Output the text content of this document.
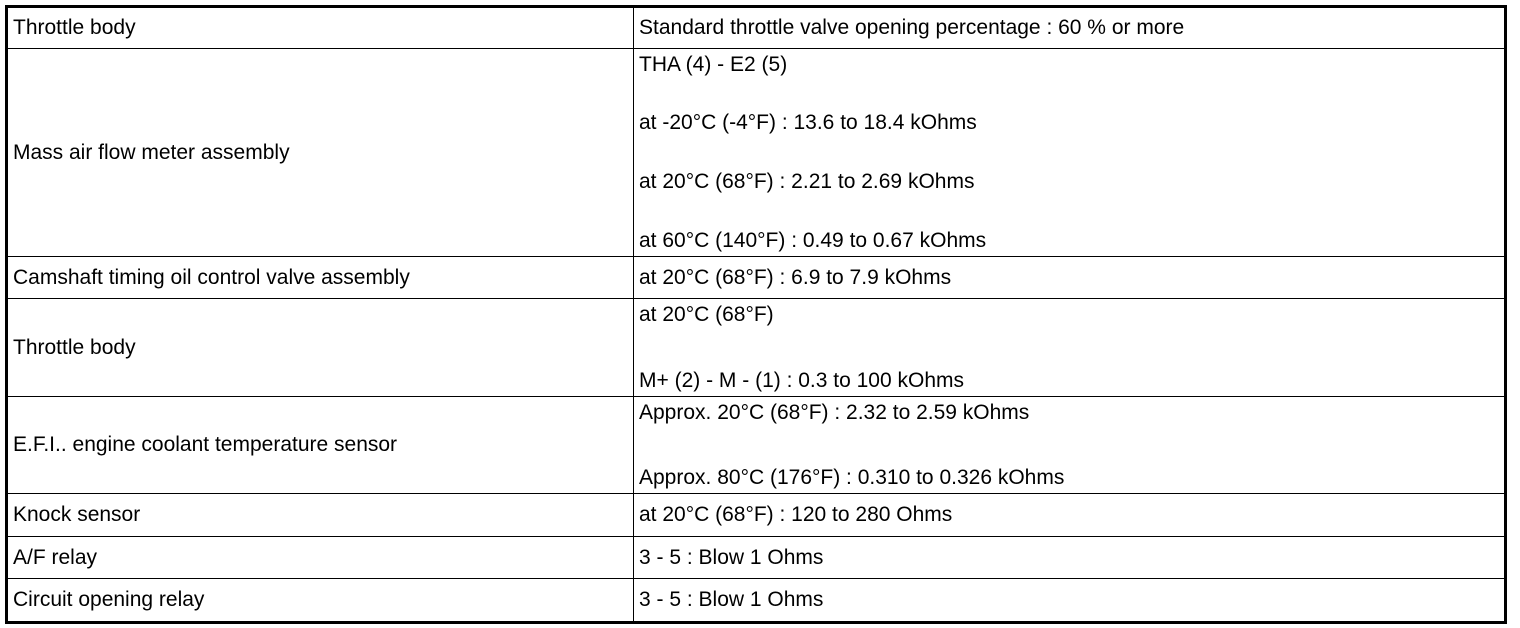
Throttle body	Standard throttle valve opening percentage : 60 % or more

Mass air flow meter assembly	THA (4) - E2 (5)
at -20°C (-4°F) : 13.6 to 18.4 kOhms
at 20°C (68°F) : 2.21 to 2.69 kOhms
at 60°C (140°F) : 0.49 to 0.67 kOhms

Camshaft timing oil control valve assembly	at 20°C (68°F) : 6.9 to 7.9 kOhms

Throttle body	at 20°C (68°F)
M+ (2) - M - (1) : 0.3 to 100 kOhms

E.F.I.. engine coolant temperature sensor	Approx. 20°C (68°F) : 2.32 to 2.59 kOhms
Approx. 80°C (176°F) : 0.310 to 0.326 kOhms

Knock sensor	at 20°C (68°F) : 120 to 280 Ohms

A/F relay	3 - 5 : Blow 1 Ohms

Circuit opening relay	3 - 5 : Blow 1 Ohms
